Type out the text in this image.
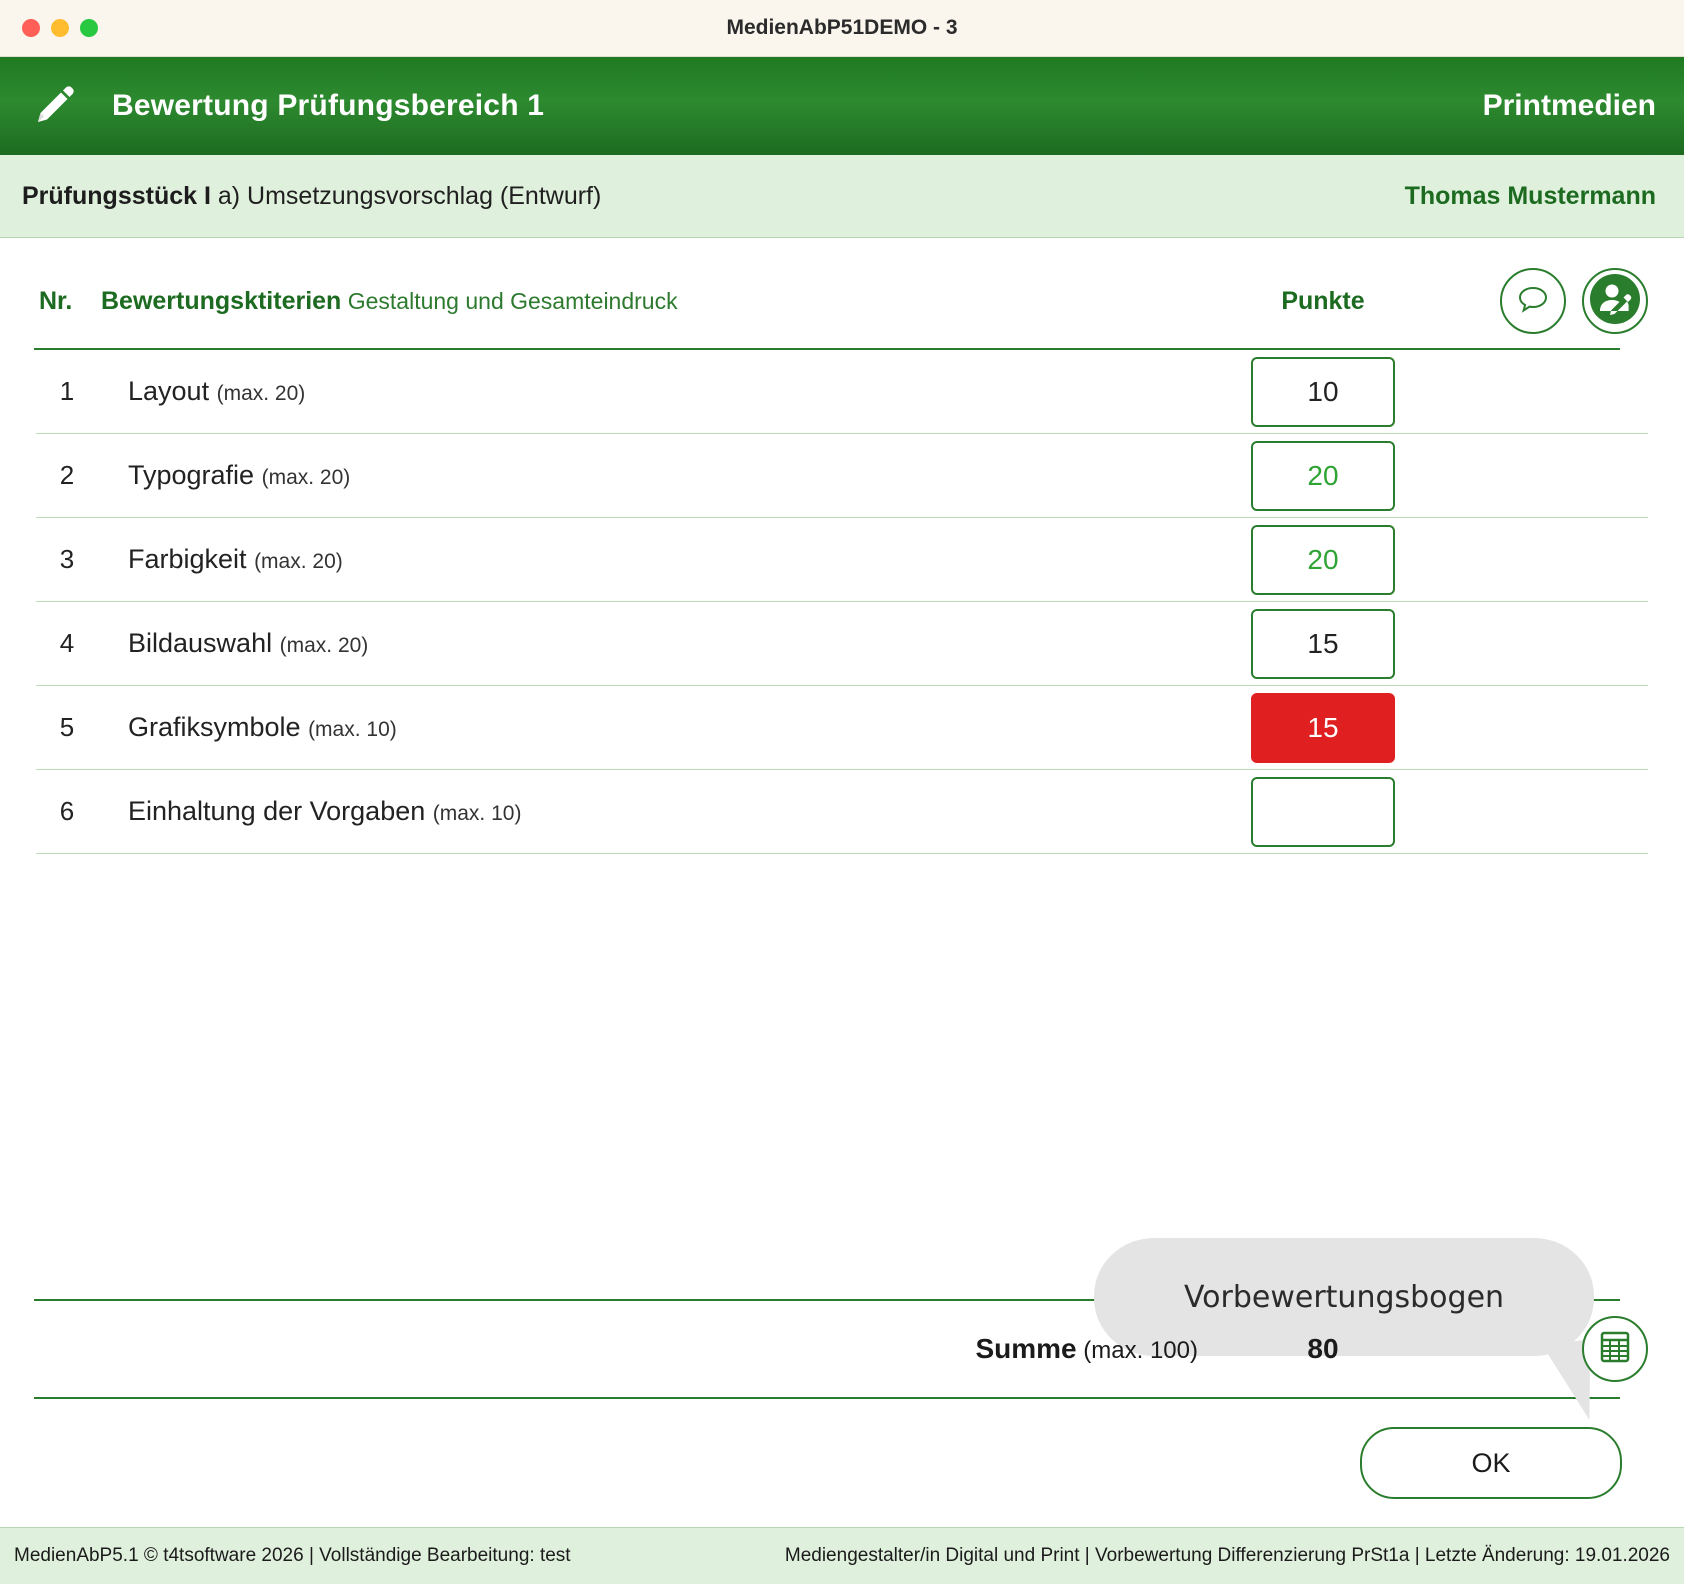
MedienAbP51DEMO - 3
Bewertung Prüfungsbereich 1	Printmedien
Prüfungsstück I a) Umsetzungsvorschlag (Entwurf)	Thomas Mustermann
Nr.	Bewertungsktiterien Gestaltung und Gesamteindruck	Punkte
1	Layout (max. 20)	10
2	Typografie (max. 20)	20
3	Farbigkeit (max. 20)	20
4	Bildauswahl (max. 20)	15
5	Grafiksymbole (max. 10)	15
6	Einhaltung der Vorgaben (max. 10)
Vorbewertungsbogen
Summe (max. 100)	80
OK
MedienAbP5.1 © t4tsoftware 2026 | Vollständige Bearbeitung: test	Mediengestalter/in Digital und Print | Vorbewertung Differenzierung PrSt1a | Letzte Änderung: 19.01.2026
